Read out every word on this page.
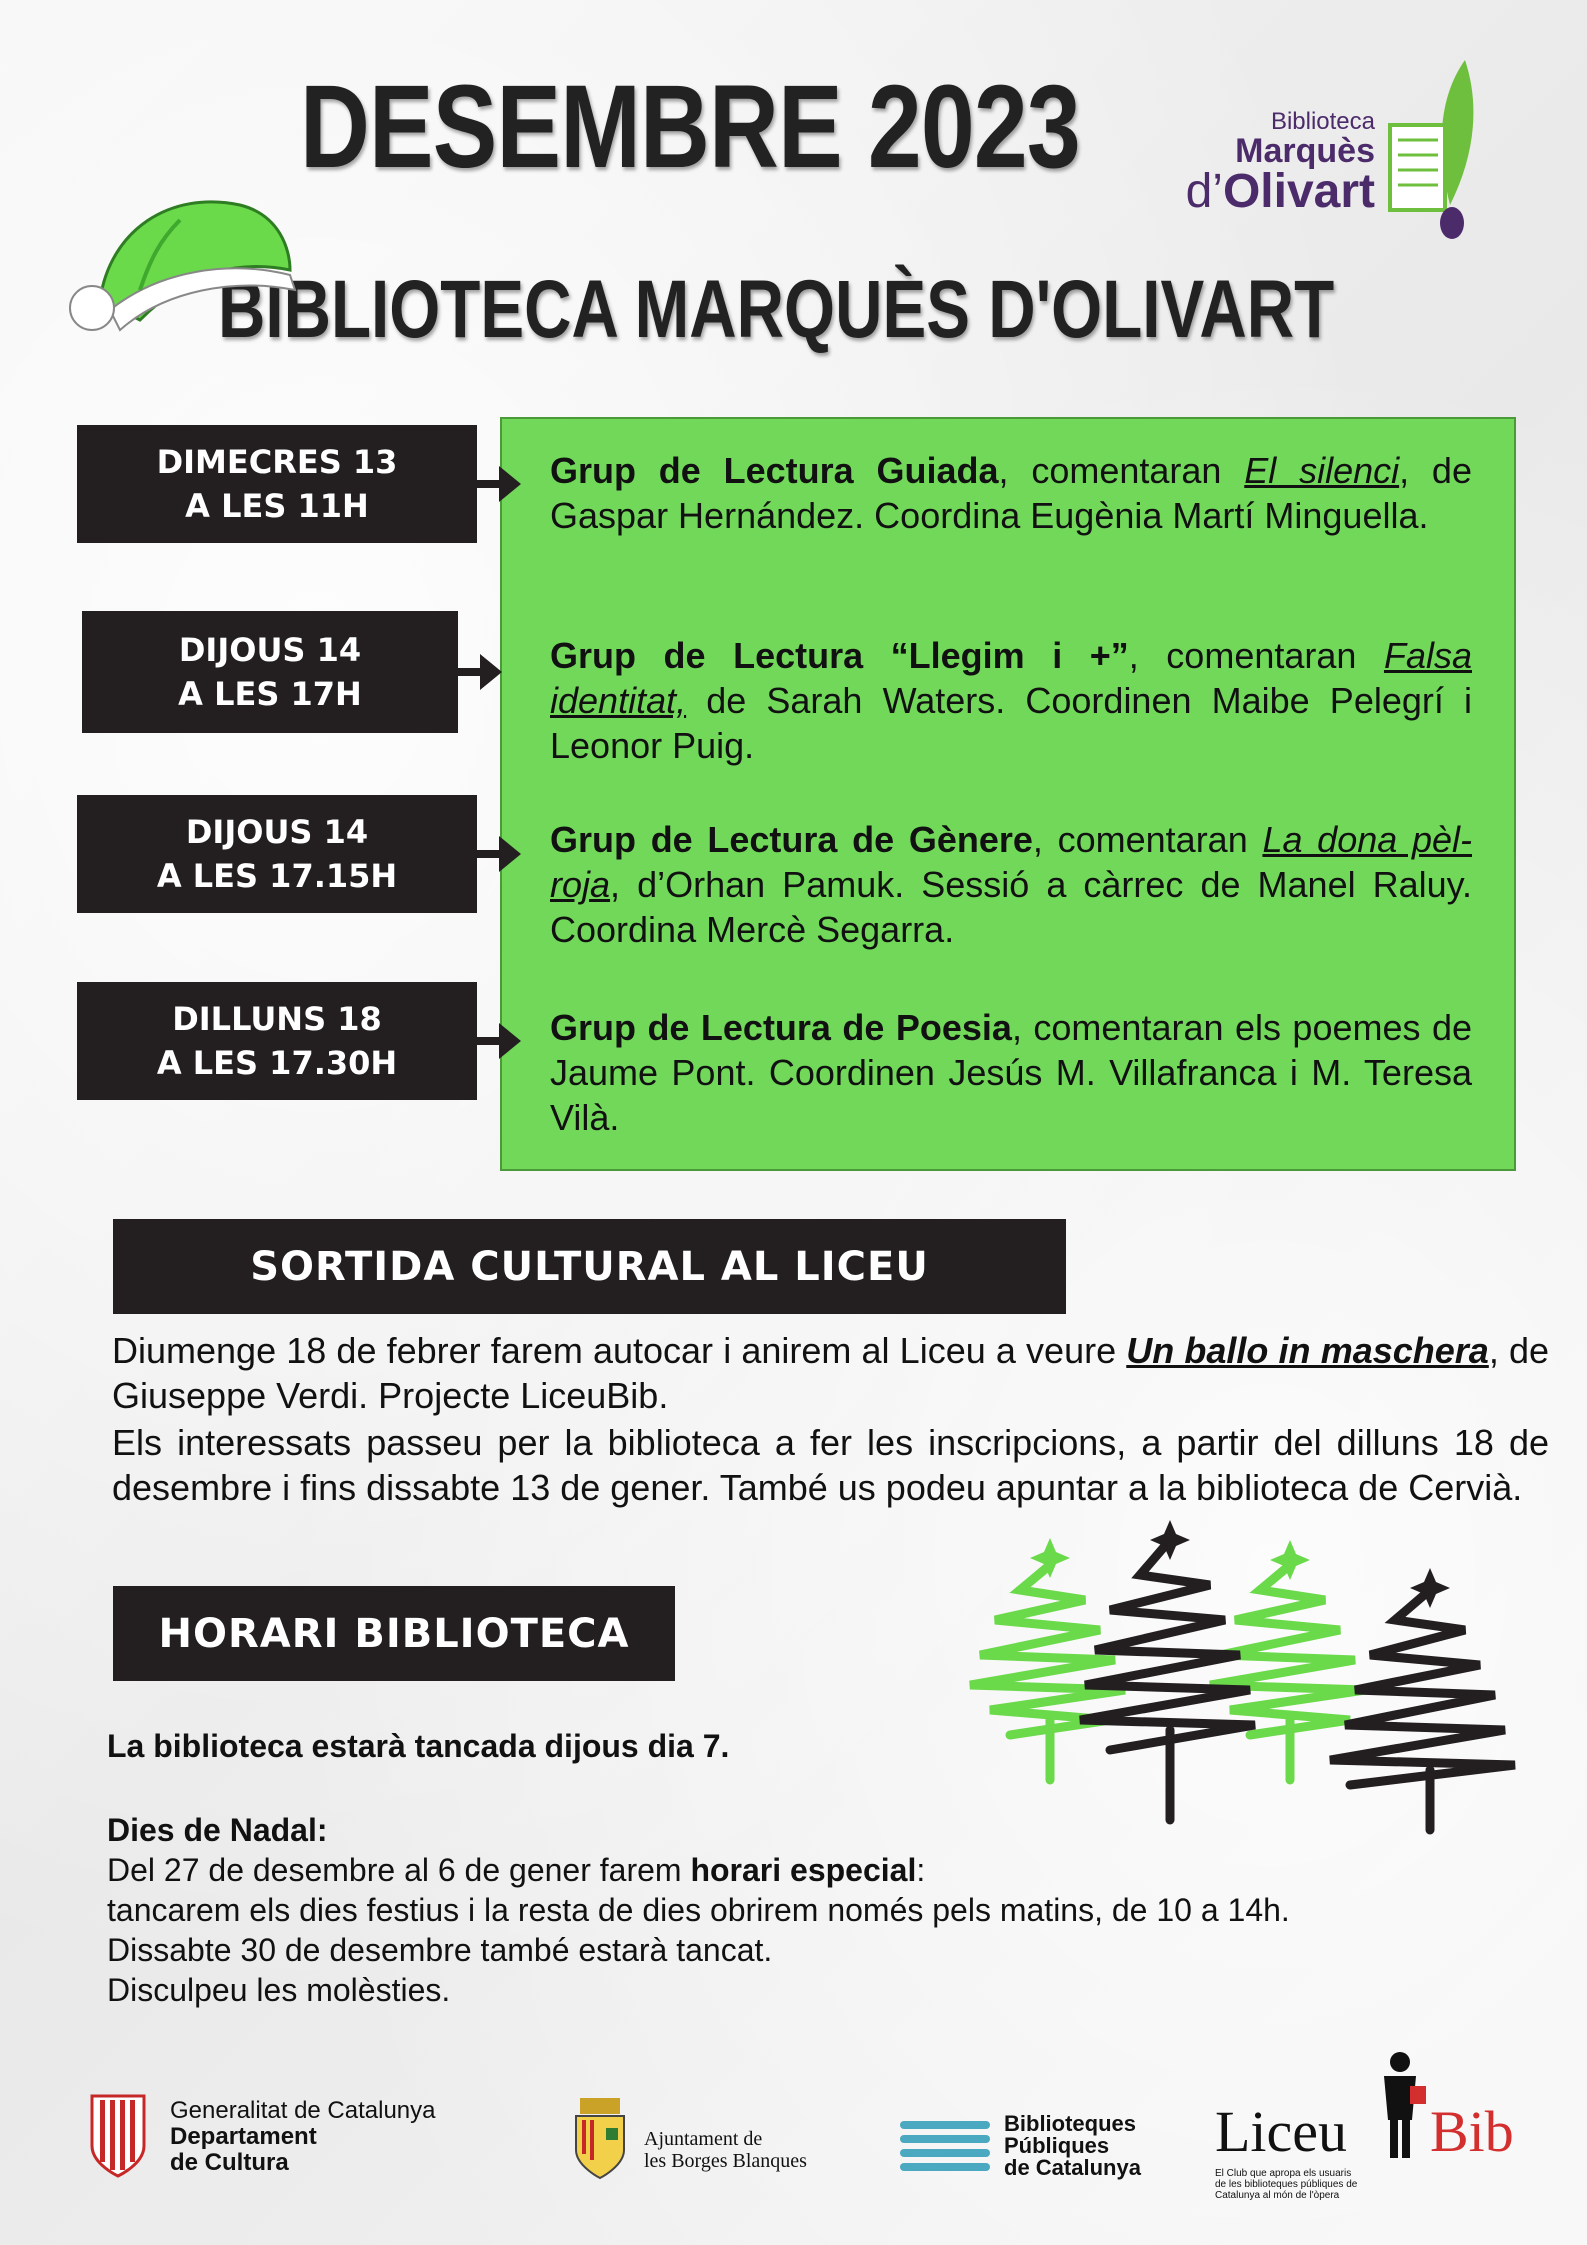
DESEMBRE 2023
BIBLIOTECA MARQUÈS D'OLIVART
Biblioteca
Marquès
d’Olivart
DIMECRES 13
A LES 11H
Grup de Lectura Guiada, comentaran El silenci, de Gaspar Hernández. Coordina Eugènia Martí Minguella.
DIJOUS 14
A LES 17H
Grup de Lectura “Llegim i +”, comentaran Falsa identitat, de Sarah Waters. Coordinen Maibe Pelegrí i Leonor Puig.
DIJOUS 14
A LES 17.15H
Grup de Lectura de Gènere, comentaran La dona pèl-roja, d’Orhan Pamuk. Sessió a càrrec de Manel Raluy. Coordina Mercè Segarra.
DILLUNS 18
A LES 17.30H
Grup de Lectura de Poesia, comentaran els poemes de Jaume Pont. Coordinen Jesús M. Villafranca i M. Teresa Vilà.
SORTIDA CULTURAL AL LICEU
Diumenge 18 de febrer farem autocar i anirem al Liceu a veure Un ballo in maschera, de Giuseppe Verdi. Projecte LiceuBib.
Els interessats passeu per la biblioteca a fer les inscripcions, a partir del dilluns 18 de desembre i fins dissabte 13 de gener. També us podeu apuntar a la biblioteca de Cervià.
HORARI BIBLIOTECA
La biblioteca estarà tancada dijous dia 7.
Dies de Nadal:
Del 27 de desembre al 6 de gener farem horari especial:
tancarem els dies festius i la resta de dies obrirem només pels matins, de 10 a 14h.
Dissabte 30 de desembre també estarà tancat.
Disculpeu les molèsties.
Generalitat de Catalunya
Departament
de Cultura
Ajuntament de
les Borges Blanques
Biblioteques
Públiques
de Catalunya
Liceu Bib
El Club que apropa els usuaris de les biblioteques públiques de Catalunya al món de l'òpera
